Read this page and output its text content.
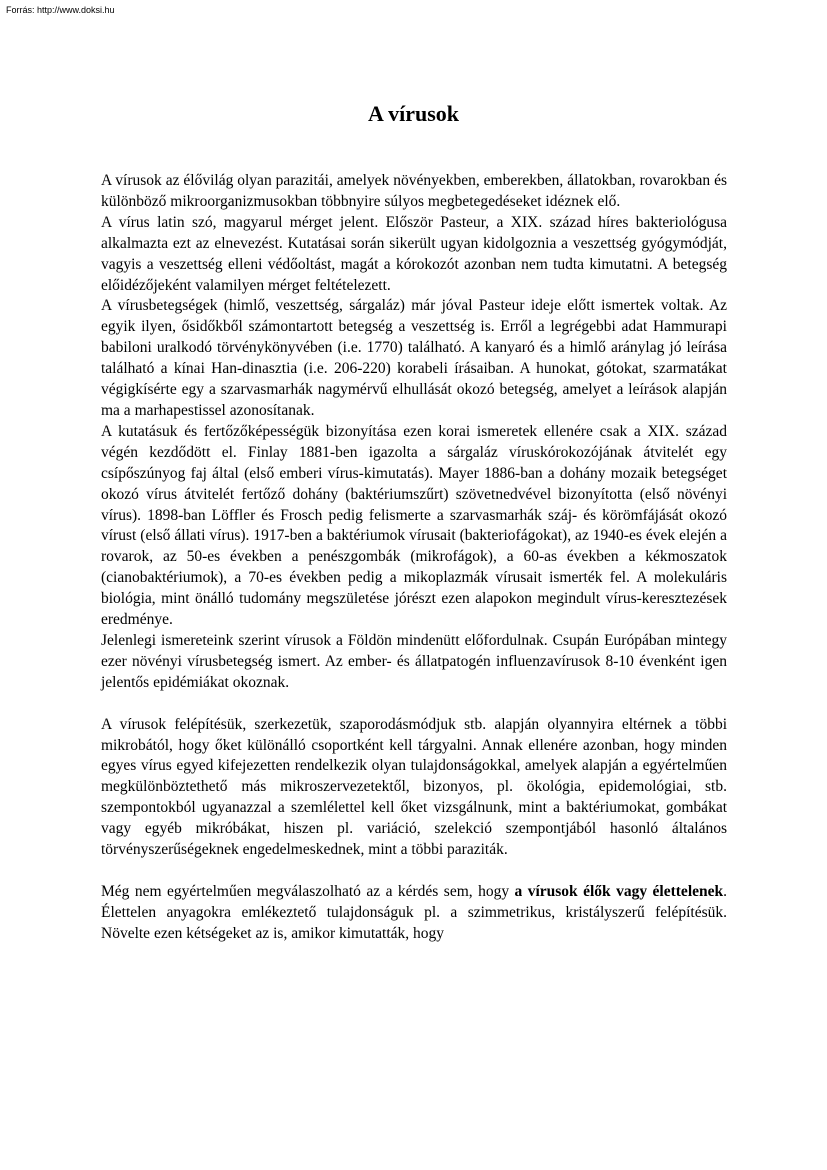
Forrás: http://www.doksi.hu
A vírusok

A vírusok az élővilág olyan parazitái, amelyek növényekben, emberekben, állatokban, rovarokban és különböző mikroorganizmusokban többnyire súlyos megbetegedéseket idéznek elő.

A vírus latin szó, magyarul mérget jelent. Először Pasteur, a XIX. század híres bakteriológusa alkalmazta ezt az elnevezést. Kutatásai során sikerült ugyan kidolgoznia a veszettség gyógymódját, vagyis a veszettség elleni védőoltást, magát a kórokozót azonban nem tudta kimutatni. A betegség előidézőjeként valamilyen mérget feltételezett.

A vírusbetegségek (himlő, veszettség, sárgaláz) már jóval Pasteur ideje előtt ismertek voltak. Az egyik ilyen, ősidőkből számontartott betegség a veszettség is. Erről a legrégebbi adat Hammurapi babiloni uralkodó törvénykönyvében (i.e. 1770) található. A kanyaró és a himlő aránylag jó leírása található a kínai Han-dinasztia (i.e. 206-220) korabeli írásaiban. A hunokat, gótokat, szarmatákat végigkísérte egy a szarvasmarhák nagymérvű elhullását okozó betegség, amelyet a leírások alapján ma a marhapestissel azonosítanak.

A kutatásuk és fertőzőképességük bizonyítása ezen korai ismeretek ellenére csak a XIX. század végén kezdődött el. Finlay 1881-ben igazolta a sárgaláz víruskórokozójának átvitelét egy csípőszúnyog faj által (első emberi vírus-kimutatás). Mayer 1886-ban a dohány mozaik betegséget okozó vírus átvitelét fertőző dohány (baktériumszűrt) szövetnedvével bizonyította (első növényi vírus). 1898-ban Löffler és Frosch pedig felismerte a szarvasmarhák száj- és körömfájását okozó vírust (első állati vírus). 1917-ben a baktériumok vírusait (bakteriofágokat), az 1940-es évek elején a rovarok, az 50-es években a penészgombák (mikrofágok), a 60-as években a kékmoszatok (cianobaktériumok), a 70-es években pedig a mikoplazmák vírusait ismerték fel. A molekuláris biológia, mint önálló tudomány megszületése jórészt ezen alapokon megindult vírus-keresztezések eredménye.

Jelenlegi ismereteink szerint vírusok a Földön mindenütt előfordulnak. Csupán Európában mintegy ezer növényi vírusbetegség ismert. Az ember- és állatpatogén influenzavírusok 8-10 évenként igen jelentős epidémiákat okoznak.

A vírusok felépítésük, szerkezetük, szaporodásmódjuk stb. alapján olyannyira eltérnek a többi mikrobától, hogy őket különálló csoportként kell tárgyalni. Annak ellenére azonban, hogy minden egyes vírus egyed kifejezetten rendelkezik olyan tulajdonságokkal, amelyek alapján a egyértelműen megkülönböztethető más mikroszervezetektől, bizonyos, pl. ökológia, epidemológiai, stb. szempontokból ugyanazzal a szemlélettel kell őket vizsgálnunk, mint a baktériumokat, gombákat vagy egyéb mikróbákat, hiszen pl. variáció, szelekció szempontjából hasonló általános törvényszerűségeknek engedelmeskednek, mint a többi paraziták.

Még nem egyértelműen megválaszolható az a kérdés sem, hogy a vírusok élők vagy élettelenek. Élettelen anyagokra emlékeztető tulajdonságuk pl. a szimmetrikus, kristályszerű felépítésük. Növelte ezen kétségeket az is, amikor kimutatták, hogy
